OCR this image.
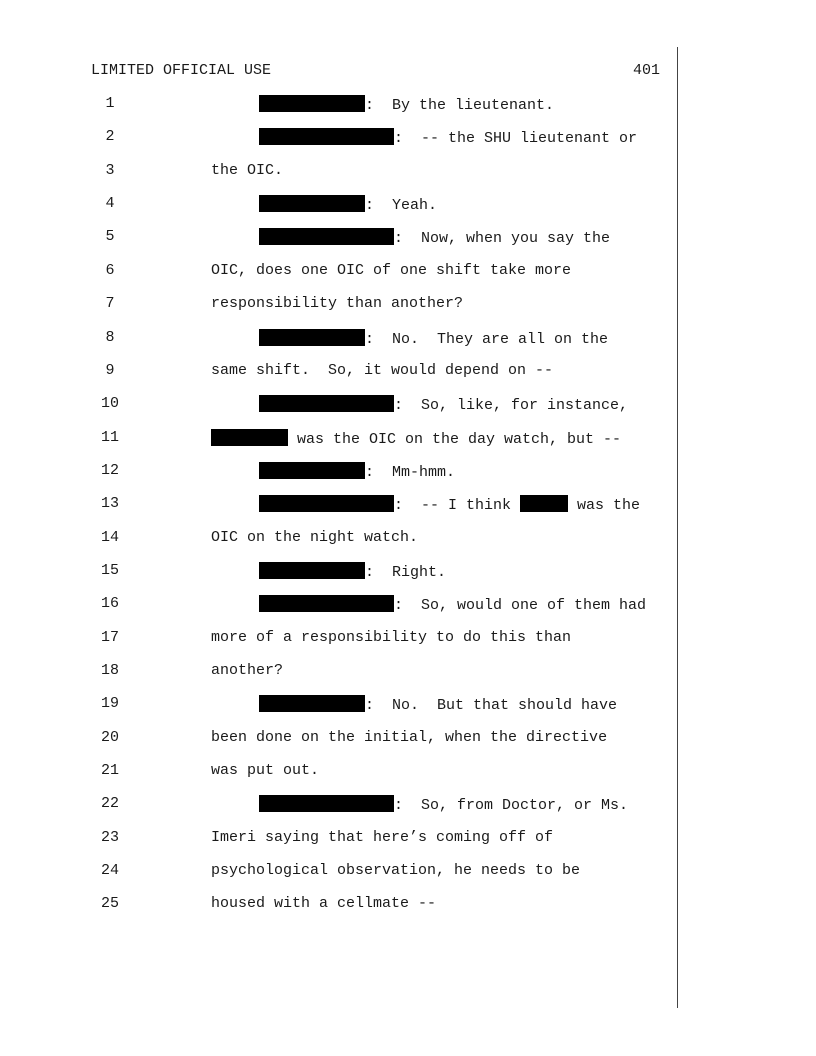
LIMITED OFFICIAL USE	401
1	:  By the lieutenant.
2	:  -- the SHU lieutenant or
3	the OIC.
4	:  Yeah.
5	:  Now, when you say the
6	OIC, does one OIC of one shift take more
7	responsibility than another?
8	:  No.  They are all on the
9	same shift.  So, it would depend on --
10	:  So, like, for instance,
11	was the OIC on the day watch, but --
12	:  Mm-hmm.
13	:  -- I think	was the
14	OIC on the night watch.
15	:  Right.
16	:  So, would one of them had
17	more of a responsibility to do this than
18	another?
19	:  No.  But that should have
20	been done on the initial, when the directive
21	was put out.
22	:  So, from Doctor, or Ms.
23	Imeri saying that here’s coming off of
24	psychological observation, he needs to be
25	housed with a cellmate --
